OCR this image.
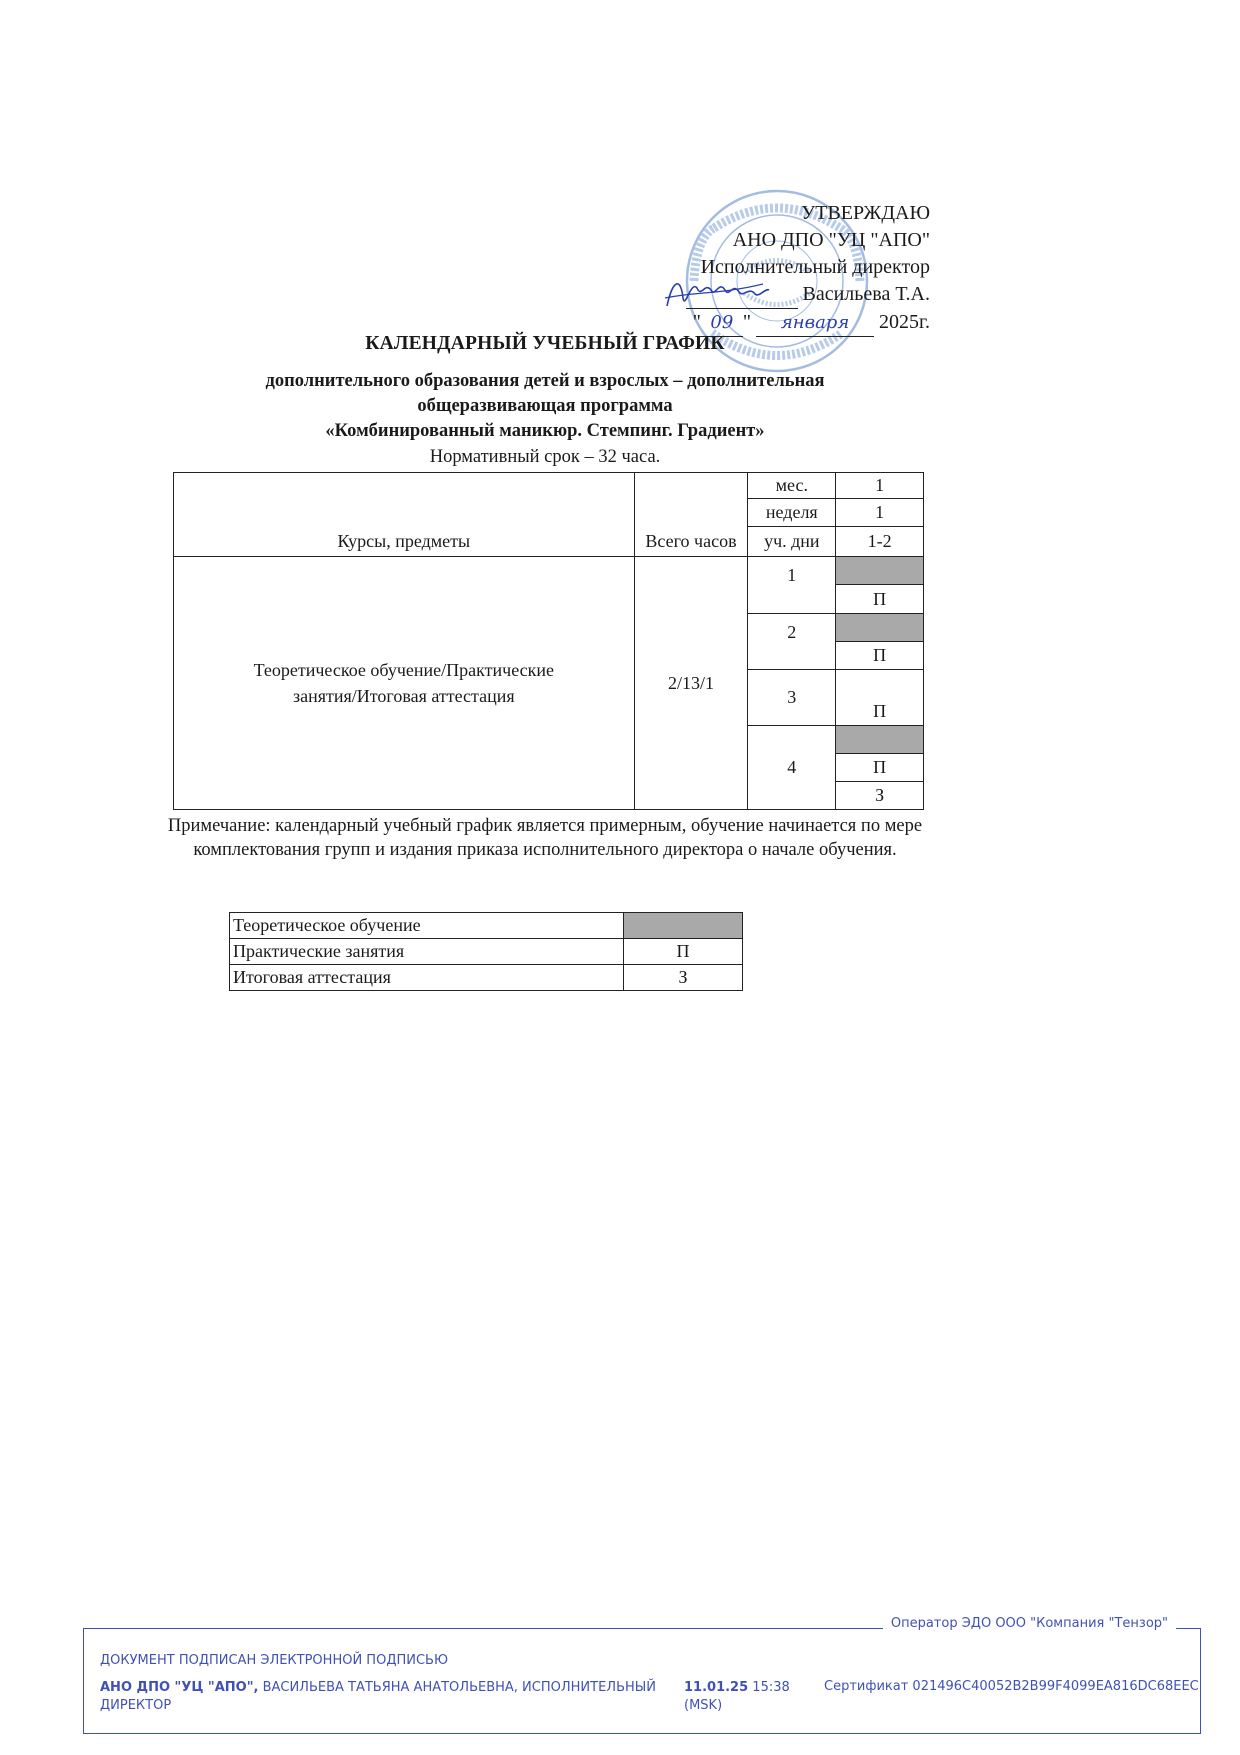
УТВЕРЖДАЮ
АНО ДПО "УЦ "АПО"
Исполнительный директор
Васильева Т.А.
" 09 " января 2025г.
КАЛЕНДАРНЫЙ УЧЕБНЫЙ ГРАФИК
дополнительного образования детей и взрослых – дополнительная
общеразвивающая программа
«Комбинированный маникюр. Стемпинг. Градиент»
Нормативный срок – 32 часа.
Курсы, предметы	Всего часов	мес.	1
		неделя	1
		уч. дни	1-2

Теоретическое обучение/Практические занятия/Итоговая аттестация	2/13/1	1	
			П
		2	
			П
		3	
			П
		4	
			П
			З
Примечание: календарный учебный график является примерным, обучение начинается по мере комплектования групп и издания приказа исполнительного директора о начале обучения.
Теоретическое обучение	
Практические занятия	П
Итоговая аттестация	З
Оператор ЭДО ООО "Компания "Тензор"
ДОКУМЕНТ ПОДПИСАН ЭЛЕКТРОННОЙ ПОДПИСЬЮ
АНО ДПО "УЦ "АПО", ВАСИЛЬЕВА ТАТЬЯНА АНАТОЛЬЕВНА, ИСПОЛНИТЕЛЬНЫЙ ДИРЕКТОР
11.01.25 15:38
(MSK)
Сертификат 021496C40052B2B99F4099EA816DC68EEC
